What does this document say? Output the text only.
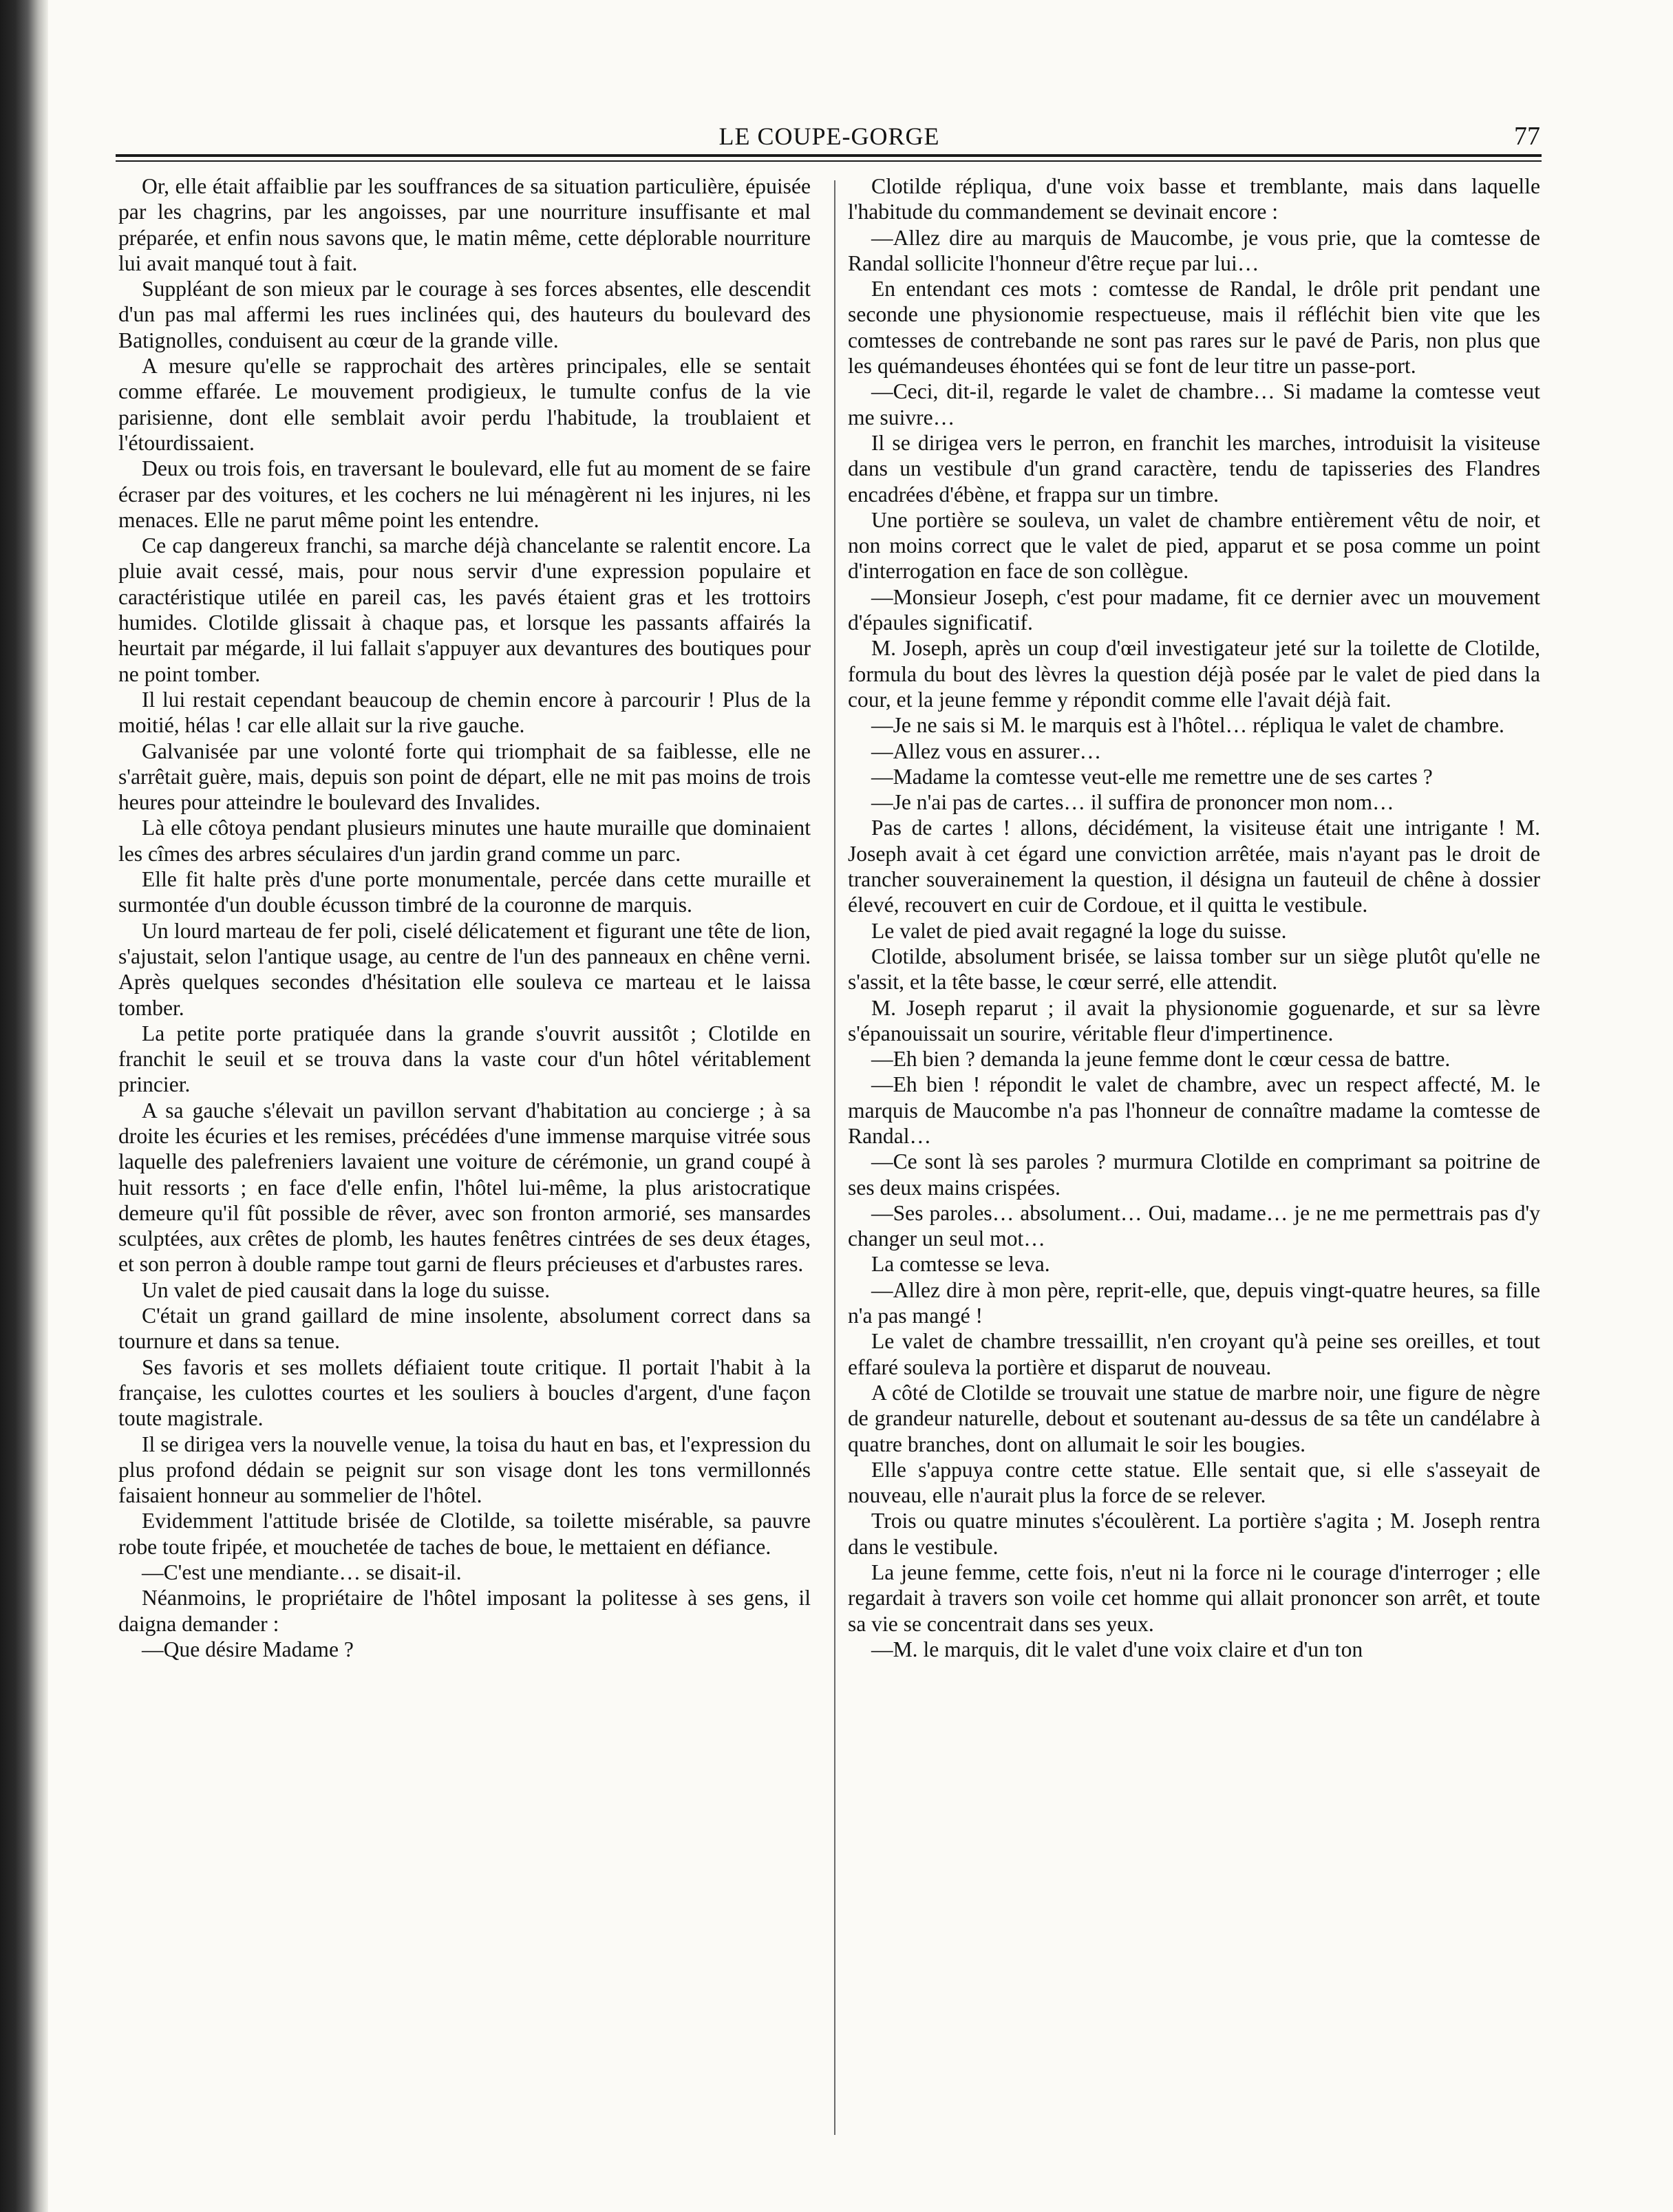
LE COUPE-GORGE	77

Or, elle était affaiblie par les souffrances de sa situation particulière, épuisée par les chagrins, par les angoisses, par une nourriture insuffisante et mal préparée, et enfin nous savons que, le matin même, cette déplorable nourriture lui avait manqué tout à fait.

Suppléant de son mieux par le courage à ses forces absentes, elle descendit d'un pas mal affermi les rues inclinées qui, des hauteurs du boulevard des Batignolles, conduisent au cœur de la grande ville.

A mesure qu'elle se rapprochait des artères principales, elle se sentait comme effarée. Le mouvement prodigieux, le tumulte confus de la vie parisienne, dont elle semblait avoir perdu l'habitude, la troublaient et l'étourdissaient.

Deux ou trois fois, en traversant le boulevard, elle fut au moment de se faire écraser par des voitures, et les cochers ne lui ménagèrent ni les injures, ni les menaces. Elle ne parut même point les entendre.

Ce cap dangereux franchi, sa marche déjà chancelante se ralentit encore. La pluie avait cessé, mais, pour nous servir d'une expression populaire et caractéristique utilée en pareil cas, les pavés étaient gras et les trottoirs humides. Clotilde glissait à chaque pas, et lorsque les passants affairés la heurtait par mégarde, il lui fallait s'appuyer aux devantures des boutiques pour ne point tomber.

Il lui restait cependant beaucoup de chemin encore à parcourir ! Plus de la moitié, hélas ! car elle allait sur la rive gauche.

Galvanisée par une volonté forte qui triomphait de sa faiblesse, elle ne s'arrêtait guère, mais, depuis son point de départ, elle ne mit pas moins de trois heures pour atteindre le boulevard des Invalides.

Là elle côtoya pendant plusieurs minutes une haute muraille que dominaient les cîmes des arbres séculaires d'un jardin grand comme un parc.

Elle fit halte près d'une porte monumentale, percée dans cette muraille et surmontée d'un double écusson timbré de la couronne de marquis.

Un lourd marteau de fer poli, ciselé délicatement et figurant une tête de lion, s'ajustait, selon l'antique usage, au centre de l'un des panneaux en chêne verni. Après quelques secondes d'hésitation elle souleva ce marteau et le laissa tomber.

La petite porte pratiquée dans la grande s'ouvrit aussitôt ; Clotilde en franchit le seuil et se trouva dans la vaste cour d'un hôtel véritablement princier.

A sa gauche s'élevait un pavillon servant d'habitation au concierge ; à sa droite les écuries et les remises, précédées d'une immense marquise vitrée sous laquelle des palefreniers lavaient une voiture de cérémonie, un grand coupé à huit ressorts ; en face d'elle enfin, l'hôtel lui-même, la plus aristocratique demeure qu'il fût possible de rêver, avec son fronton armorié, ses mansardes sculptées, aux crêtes de plomb, les hautes fenêtres cintrées de ses deux étages, et son perron à double rampe tout garni de fleurs précieuses et d'arbustes rares.

Un valet de pied causait dans la loge du suisse.

C'était un grand gaillard de mine insolente, absolument correct dans sa tournure et dans sa tenue.

Ses favoris et ses mollets défiaient toute critique. Il portait l'habit à la française, les culottes courtes et les souliers à boucles d'argent, d'une façon toute magistrale.

Il se dirigea vers la nouvelle venue, la toisa du haut en bas, et l'expression du plus profond dédain se peignit sur son visage dont les tons vermillonnés faisaient honneur au sommelier de l'hôtel.

Evidemment l'attitude brisée de Clotilde, sa toilette misérable, sa pauvre robe toute fripée, et mouchetée de taches de boue, le mettaient en défiance.

—C'est une mendiante… se disait-il.

Néanmoins, le propriétaire de l'hôtel imposant la politesse à ses gens, il daigna demander :

—Que désire Madame ?

Clotilde répliqua, d'une voix basse et tremblante, mais dans laquelle l'habitude du commandement se devinait encore :

—Allez dire au marquis de Maucombe, je vous prie, que la comtesse de Randal sollicite l'honneur d'être reçue par lui…

En entendant ces mots : comtesse de Randal, le drôle prit pendant une seconde une physionomie respectueuse, mais il réfléchit bien vite que les comtesses de contrebande ne sont pas rares sur le pavé de Paris, non plus que les quémandeuses éhontées qui se font de leur titre un passe-port.

—Ceci, dit-il, regarde le valet de chambre… Si madame la comtesse veut me suivre…

Il se dirigea vers le perron, en franchit les marches, introduisit la visiteuse dans un vestibule d'un grand caractère, tendu de tapisseries des Flandres encadrées d'ébène, et frappa sur un timbre.

Une portière se souleva, un valet de chambre entièrement vêtu de noir, et non moins correct que le valet de pied, apparut et se posa comme un point d'interrogation en face de son collègue.

—Monsieur Joseph, c'est pour madame, fit ce dernier avec un mouvement d'épaules significatif.

M. Joseph, après un coup d'œil investigateur jeté sur la toilette de Clotilde, formula du bout des lèvres la question déjà posée par le valet de pied dans la cour, et la jeune femme y répondit comme elle l'avait déjà fait.

—Je ne sais si M. le marquis est à l'hôtel… répliqua le valet de chambre.

—Allez vous en assurer…

—Madame la comtesse veut-elle me remettre une de ses cartes ?

—Je n'ai pas de cartes… il suffira de prononcer mon nom…

Pas de cartes ! allons, décidément, la visiteuse était une intrigante ! M. Joseph avait à cet égard une conviction arrêtée, mais n'ayant pas le droit de trancher souverainement la question, il désigna un fauteuil de chêne à dossier élevé, recouvert en cuir de Cordoue, et il quitta le vestibule.

Le valet de pied avait regagné la loge du suisse.

Clotilde, absolument brisée, se laissa tomber sur un siège plutôt qu'elle ne s'assit, et la tête basse, le cœur serré, elle attendit.

M. Joseph reparut ; il avait la physionomie goguenarde, et sur sa lèvre s'épanouissait un sourire, véritable fleur d'impertinence.

—Eh bien ? demanda la jeune femme dont le cœur cessa de battre.

—Eh bien ! répondit le valet de chambre, avec un respect affecté, M. le marquis de Maucombe n'a pas l'honneur de connaître madame la comtesse de Randal…

—Ce sont là ses paroles ? murmura Clotilde en comprimant sa poitrine de ses deux mains crispées.

—Ses paroles… absolument… Oui, madame… je ne me permettrais pas d'y changer un seul mot…

La comtesse se leva.

—Allez dire à mon père, reprit-elle, que, depuis vingt-quatre heures, sa fille n'a pas mangé !

Le valet de chambre tressaillit, n'en croyant qu'à peine ses oreilles, et tout effaré souleva la portière et disparut de nouveau.

A côté de Clotilde se trouvait une statue de marbre noir, une figure de nègre de grandeur naturelle, debout et soutenant au-dessus de sa tête un candélabre à quatre branches, dont on allumait le soir les bougies.

Elle s'appuya contre cette statue. Elle sentait que, si elle s'asseyait de nouveau, elle n'aurait plus la force de se relever.

Trois ou quatre minutes s'écoulèrent. La portière s'agita ; M. Joseph rentra dans le vestibule.

La jeune femme, cette fois, n'eut ni la force ni le courage d'interroger ; elle regardait à travers son voile cet homme qui allait prononcer son arrêt, et toute sa vie se concentrait dans ses yeux.

—M. le marquis, dit le valet d'une voix claire et d'un ton
